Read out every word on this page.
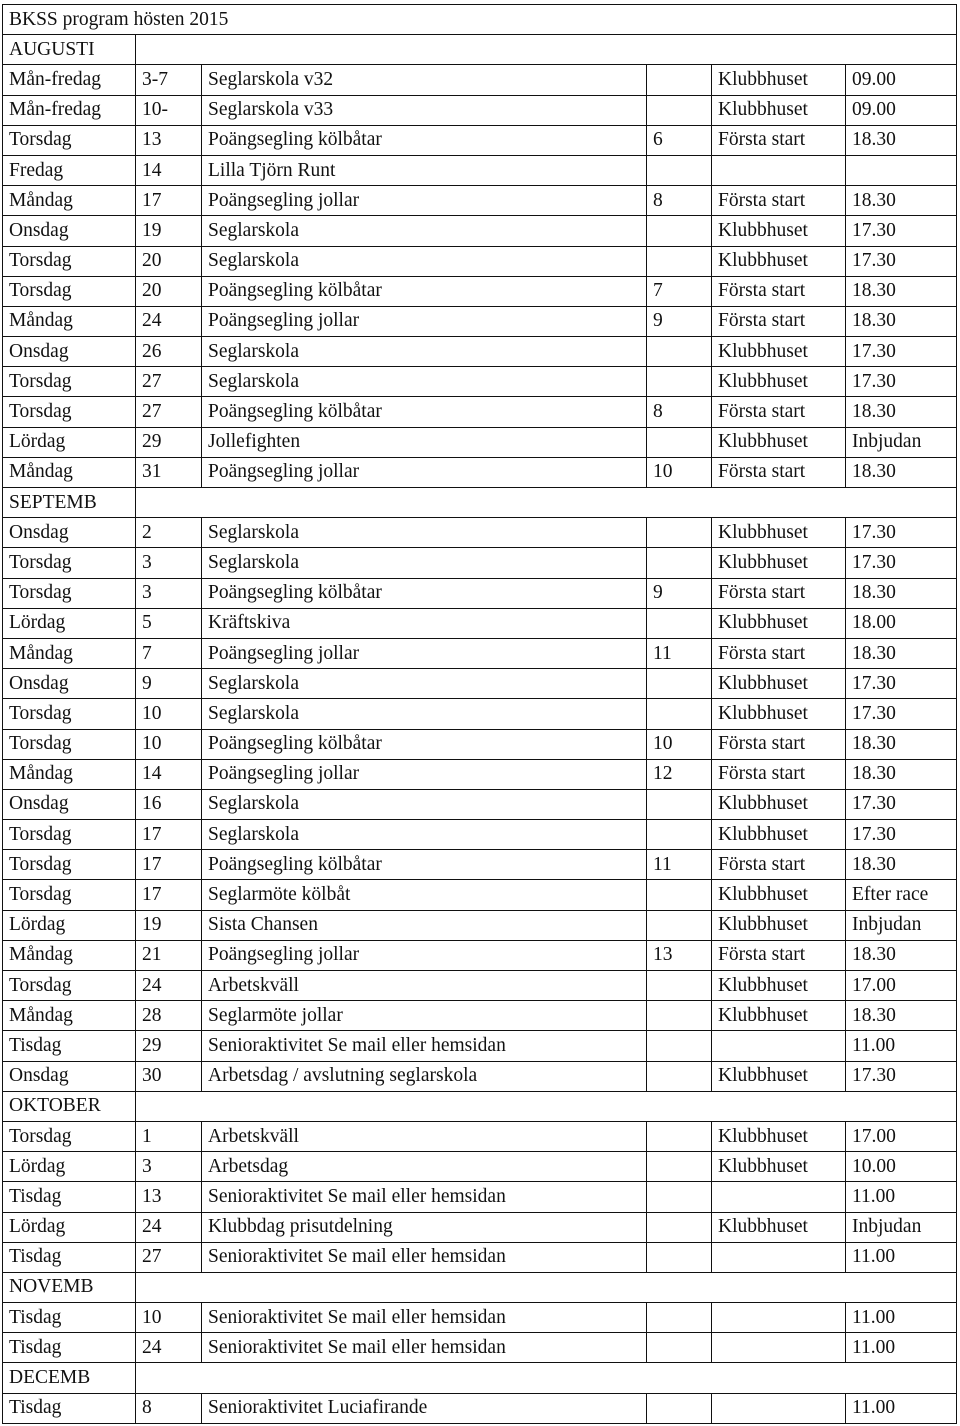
BKSS program hösten 2015					
AUGUSTI					
Mån-fredag	3-7	Seglarskola v32		Klubbhuset	09.00
Mån-fredag	10-	Seglarskola v33		Klubbhuset	09.00
Torsdag	13	Poängsegling kölbåtar	6	Första start	18.30
Fredag	14	Lilla Tjörn Runt			
Måndag	17	Poängsegling jollar	8	Första start	18.30
Onsdag	19	Seglarskola		Klubbhuset	17.30
Torsdag	20	Seglarskola		Klubbhuset	17.30
Torsdag	20	Poängsegling kölbåtar	7	Första start	18.30
Måndag	24	Poängsegling jollar	9	Första start	18.30
Onsdag	26	Seglarskola		Klubbhuset	17.30
Torsdag	27	Seglarskola		Klubbhuset	17.30
Torsdag	27	Poängsegling kölbåtar	8	Första start	18.30
Lördag	29	Jollefighten		Klubbhuset	Inbjudan
Måndag	31	Poängsegling jollar	10	Första start	18.30
SEPTEMB					
Onsdag	2	Seglarskola		Klubbhuset	17.30
Torsdag	3	Seglarskola		Klubbhuset	17.30
Torsdag	3	Poängsegling kölbåtar	9	Första start	18.30
Lördag	5	Kräftskiva		Klubbhuset	18.00
Måndag	7	Poängsegling jollar	11	Första start	18.30
Onsdag	9	Seglarskola		Klubbhuset	17.30
Torsdag	10	Seglarskola		Klubbhuset	17.30
Torsdag	10	Poängsegling kölbåtar	10	Första start	18.30
Måndag	14	Poängsegling jollar	12	Första start	18.30
Onsdag	16	Seglarskola		Klubbhuset	17.30
Torsdag	17	Seglarskola		Klubbhuset	17.30
Torsdag	17	Poängsegling kölbåtar	11	Första start	18.30
Torsdag	17	Seglarmöte kölbåt		Klubbhuset	Efter race
Lördag	19	Sista Chansen		Klubbhuset	Inbjudan
Måndag	21	Poängsegling jollar	13	Första start	18.30
Torsdag	24	Arbetskväll		Klubbhuset	17.00
Måndag	28	Seglarmöte jollar		Klubbhuset	18.30
Tisdag	29	Senioraktivitet Se mail eller hemsidan			11.00
Onsdag	30	Arbetsdag / avslutning seglarskola		Klubbhuset	17.30
OKTOBER					
Torsdag	1	Arbetskväll		Klubbhuset	17.00
Lördag	3	Arbetsdag		Klubbhuset	10.00
Tisdag	13	Senioraktivitet Se mail eller hemsidan			11.00
Lördag	24	Klubbdag prisutdelning		Klubbhuset	Inbjudan
Tisdag	27	Senioraktivitet Se mail eller hemsidan			11.00
NOVEMB					
Tisdag	10	Senioraktivitet Se mail eller hemsidan			11.00
Tisdag	24	Senioraktivitet Se mail eller hemsidan			11.00
DECEMB					
Tisdag	8	Senioraktivitet Luciafirande			11.00
